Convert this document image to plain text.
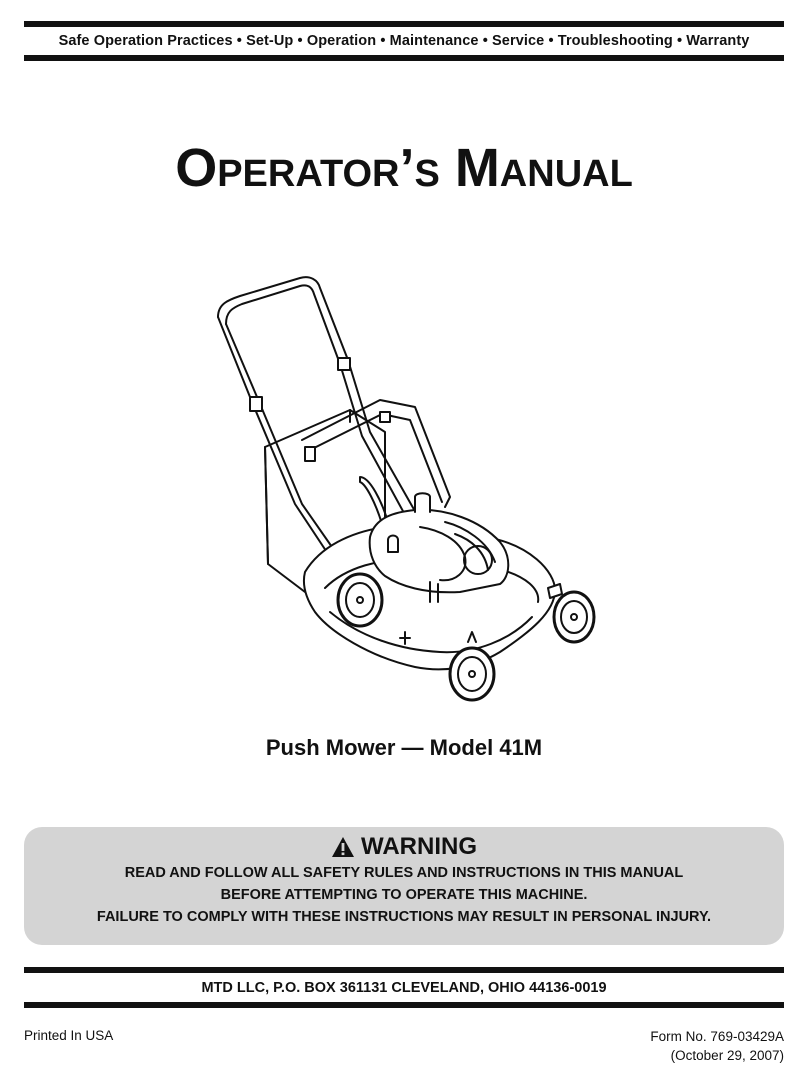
Safe Operation Practices • Set-Up • Operation • Maintenance • Service • Troubleshooting • Warranty
Operator’s Manual
Push Mower — Model 41M
WARNING
READ AND FOLLOW ALL SAFETY RULES AND INSTRUCTIONS IN THIS MANUAL
BEFORE ATTEMPTING TO OPERATE THIS MACHINE.
FAILURE TO COMPLY WITH THESE INSTRUCTIONS MAY RESULT IN PERSONAL INJURY.
MTD LLC, P.O. BOX 361131 CLEVELAND, OHIO 44136-0019
Printed In USA	Form No. 769-03429A
(October 29, 2007)
